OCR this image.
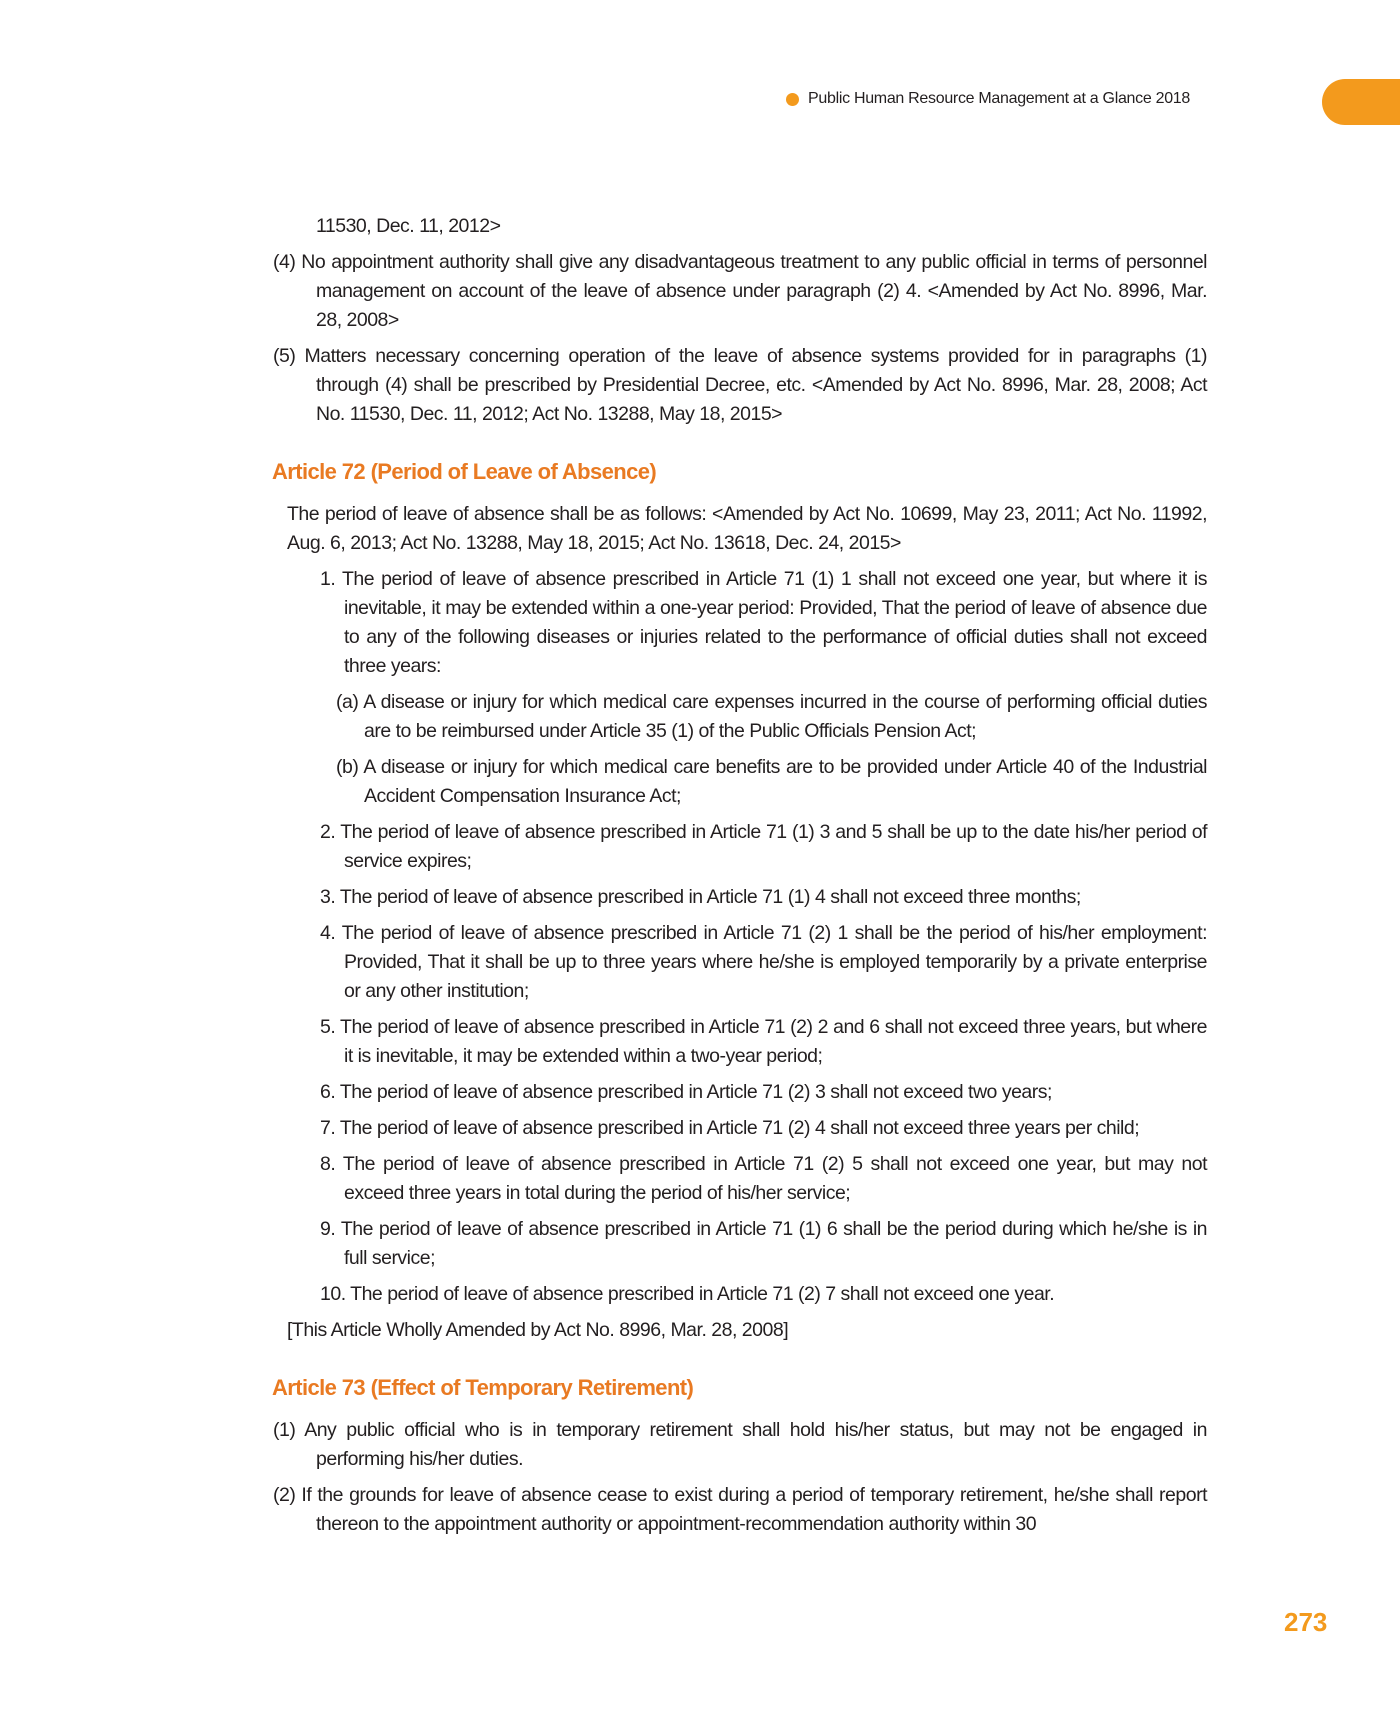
Public Human Resource Management at a Glance 2018

11530, Dec. 11, 2012>

(4) No appointment authority shall give any disadvantageous treatment to any public official in terms of personnel management on account of the leave of absence under paragraph (2) 4. <Amended by Act No. 8996, Mar. 28, 2008>

(5) Matters necessary concerning operation of the leave of absence systems provided for in paragraphs (1) through (4) shall be prescribed by Presidential Decree, etc. <Amended by Act No. 8996, Mar. 28, 2008; Act No. 11530, Dec. 11, 2012; Act No. 13288, May 18, 2015>

Article 72 (Period of Leave of Absence)

The period of leave of absence shall be as follows: <Amended by Act No. 10699, May 23, 2011; Act No. 11992, Aug. 6, 2013; Act No. 13288, May 18, 2015; Act No. 13618, Dec. 24, 2015>

1. The period of leave of absence prescribed in Article 71 (1) 1 shall not exceed one year, but where it is inevitable, it may be extended within a one-year period: Provided, That the period of leave of absence due to any of the following diseases or injuries related to the performance of official duties shall not exceed three years:

(a) A disease or injury for which medical care expenses incurred in the course of performing official duties are to be reimbursed under Article 35 (1) of the Public Officials Pension Act;

(b) A disease or injury for which medical care benefits are to be provided under Article 40 of the Industrial Accident Compensation Insurance Act;

2. The period of leave of absence prescribed in Article 71 (1) 3 and 5 shall be up to the date his/her period of service expires;

3. The period of leave of absence prescribed in Article 71 (1) 4 shall not exceed three months;

4. The period of leave of absence prescribed in Article 71 (2) 1 shall be the period of his/her employment: Provided, That it shall be up to three years where he/she is employed temporarily by a private enterprise or any other institution;

5. The period of leave of absence prescribed in Article 71 (2) 2 and 6 shall not exceed three years, but where it is inevitable, it may be extended within a two-year period;

6. The period of leave of absence prescribed in Article 71 (2) 3 shall not exceed two years;

7. The period of leave of absence prescribed in Article 71 (2) 4 shall not exceed three years per child;

8. The period of leave of absence prescribed in Article 71 (2) 5 shall not exceed one year, but may not exceed three years in total during the period of his/her service;

9. The period of leave of absence prescribed in Article 71 (1) 6 shall be the period during which he/she is in full service;

10. The period of leave of absence prescribed in Article 71 (2) 7 shall not exceed one year.

[This Article Wholly Amended by Act No. 8996, Mar. 28, 2008]

Article 73 (Effect of Temporary Retirement)

(1) Any public official who is in temporary retirement shall hold his/her status, but may not be engaged in performing his/her duties.

(2) If the grounds for leave of absence cease to exist during a period of temporary retirement, he/she shall report thereon to the appointment authority or appointment-recommendation authority within 30

273
